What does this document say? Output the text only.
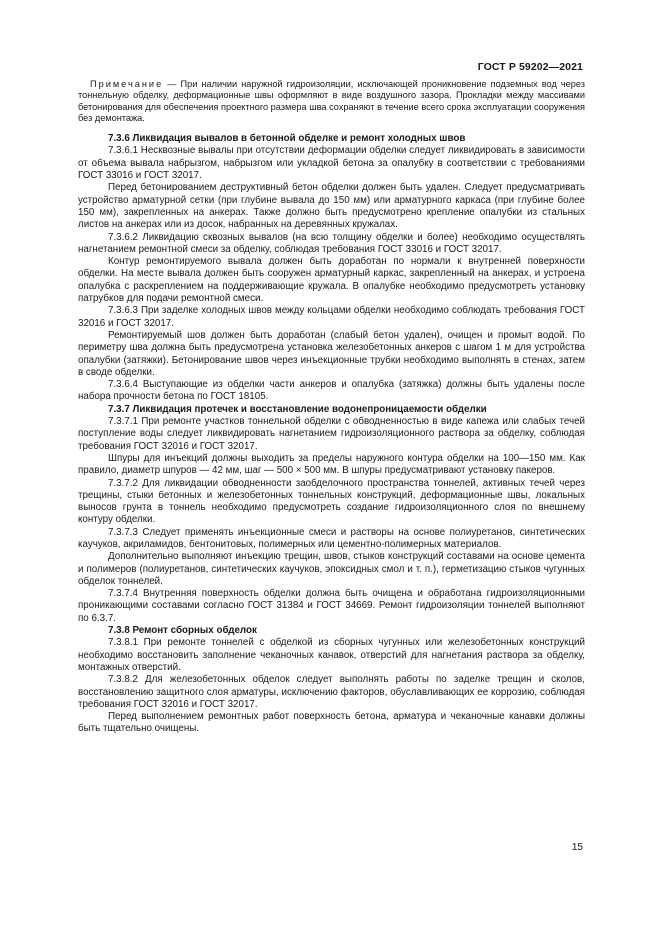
ГОСТ Р 59202—2021

Примечание — При наличии наружной гидроизоляции, исключающей проникновение подземных вод через тоннельную обделку, деформационные швы оформляют в виде воздушного зазора. Прокладки между массивами бетонирования для обеспечения проектного размера шва сохраняют в течение всего срока эксплуатации сооружения без демонтажа.

7.3.6 Ликвидация вывалов в бетонной обделке и ремонт холодных швов

7.3.6.1 Несквозные вывалы при отсутствии деформации обделки следует ликвидировать в зависимости от объема вывала набрызгом, набрызгом или укладкой бетона за опалубку в соответствии с требованиями ГОСТ 33016 и ГОСТ 32017.

Перед бетонированием деструктивный бетон обделки должен быть удален. Следует предусматривать устройство арматурной сетки (при глубине вывала до 150 мм) или арматурного каркаса (при глубине более 150 мм), закрепленных на анкерах. Также должно быть предусмотрено крепление опалубки из стальных листов на анкерах или из досок, набранных на деревянных кружалах.

7.3.6.2 Ликвидацию сквозных вывалов (на всю толщину обделки и более) необходимо осуществлять нагнетанием ремонтной смеси за обделку, соблюдая требования ГОСТ 33016 и ГОСТ 32017.

Контур ремонтируемого вывала должен быть доработан по нормали к внутренней поверхности обделки. На месте вывала должен быть сооружен арматурный каркас, закрепленный на анкерах, и устроена опалубка с раскреплением на поддерживающие кружала. В опалубке необходимо предусмотреть установку патрубков для подачи ремонтной смеси.

7.3.6.3 При заделке холодных швов между кольцами обделки необходимо соблюдать требования ГОСТ 32016 и ГОСТ 32017.

Ремонтируемый шов должен быть доработан (слабый бетон удален), очищен и промыт водой. По периметру шва должна быть предусмотрена установка железобетонных анкеров с шагом 1 м для устройства опалубки (затяжки). Бетонирование швов через инъекционные трубки необходимо выполнять в стенах, затем в своде обделки.

7.3.6.4 Выступающие из обделки части анкеров и опалубка (затяжка) должны быть удалены после набора прочности бетона по ГОСТ 18105.

7.3.7 Ликвидация протечек и восстановление водонепроницаемости обделки

7.3.7.1 При ремонте участков тоннельной обделки с обводненностью в виде капежа или слабых течей поступление воды следует ликвидировать нагнетанием гидроизоляционного раствора за обделку, соблюдая требования ГОСТ 32016 и ГОСТ 32017.

Шпуры для инъекций должны выходить за пределы наружного контура обделки на 100—150 мм. Как правило, диаметр шпуров — 42 мм, шаг — 500 × 500 мм. В шпуры предусматривают установку пакеров.

7.3.7.2 Для ликвидации обводненности заобделочного пространства тоннелей, активных течей через трещины, стыки бетонных и железобетонных тоннельных конструкций, деформационные швы, локальных выносов грунта в тоннель необходимо предусмотреть создание гидроизоляционного слоя по внешнему контуру обделки.

7.3.7.3 Следует применять инъекционные смеси и растворы на основе полиуретанов, синтетических каучуков, акриламидов, бентонитовых, полимерных или цементно-полимерных материалов.

Дополнительно выполняют инъекцию трещин, швов, стыков конструкций составами на основе цемента и полимеров (полиуретанов, синтетических каучуков, эпоксидных смол и т. п.), герметизацию стыков чугунных обделок тоннелей.

7.3.7.4 Внутренняя поверхность обделки должна быть очищена и обработана гидроизоляционными проникающими составами согласно ГОСТ 31384 и ГОСТ 34669. Ремонт гидроизоляции тоннелей выполняют по 6.3.7.

7.3.8 Ремонт сборных обделок

7.3.8.1 При ремонте тоннелей с обделкой из сборных чугунных или железобетонных конструкций необходимо восстановить заполнение чеканочных канавок, отверстий для нагнетания раствора за обделку, монтажных отверстий.

7.3.8.2 Для железобетонных обделок следует выполнять работы по заделке трещин и сколов, восстановлению защитного слоя арматуры, исключению факторов, обуславливающих ее коррозию, соблюдая требования ГОСТ 32016 и ГОСТ 32017.

Перед выполнением ремонтных работ поверхность бетона, арматура и чеканочные канавки должны быть тщательно очищены.

15
